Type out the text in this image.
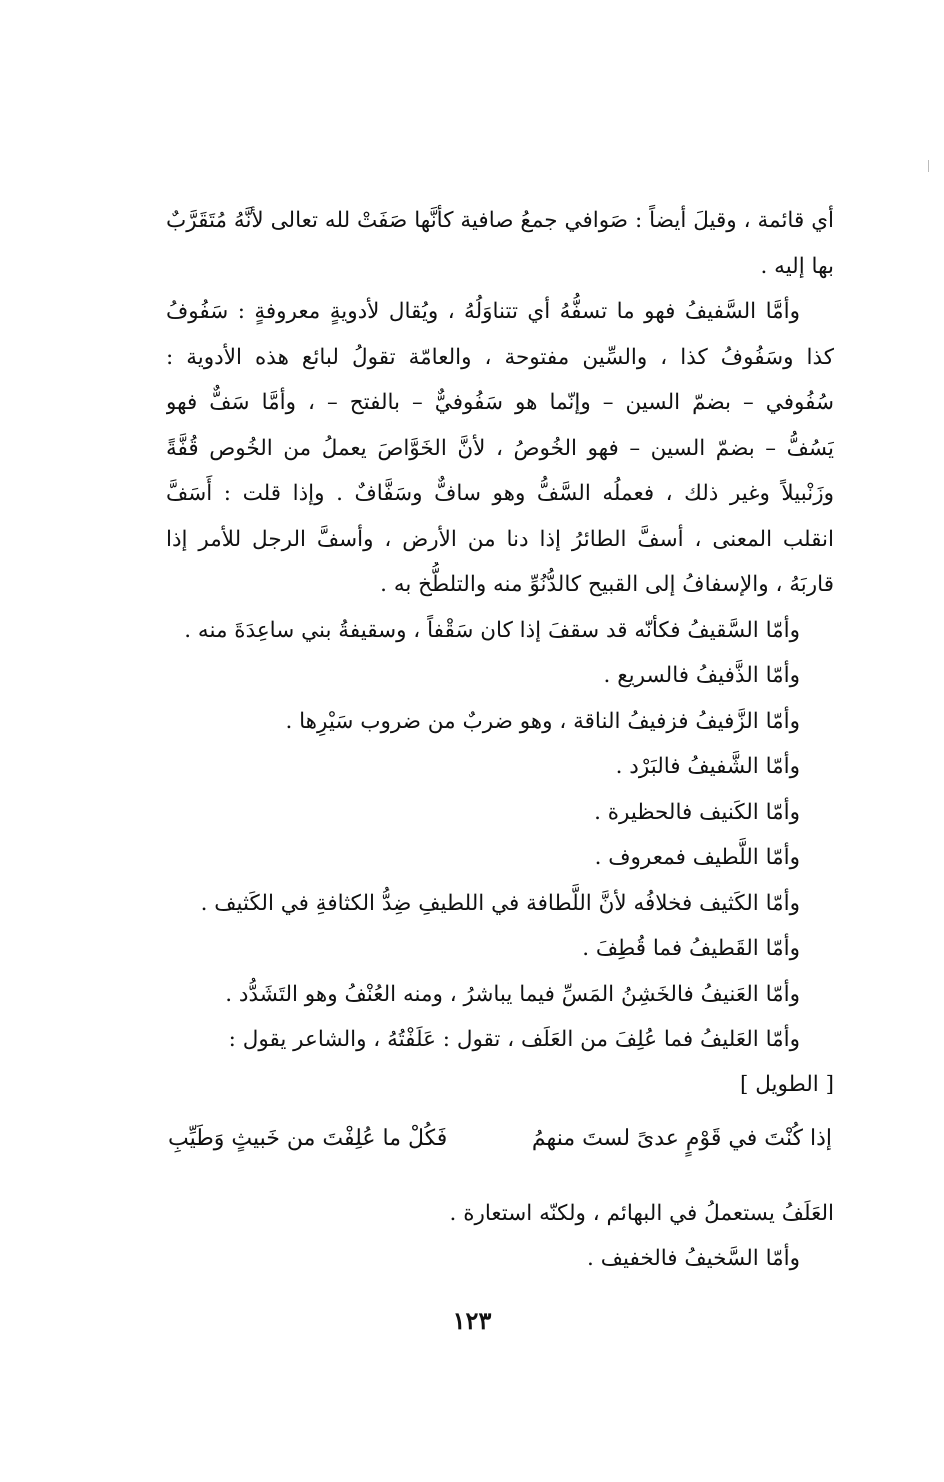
أي قائمة ، وقيلَ أيضاً : صَوافي جمعُ صافية كأنَّها صَفَتْ لله تعالى لأنَّهُ مُتَقَرَّبٌ
بها إليه .
وأمَّا السَّفيفُ فهو ما تسفُّهُ أي تتناوَلُهُ ، ويُقال لأدويةٍ معروفةٍ : سَفُوفُ
كذا وسَفُوفُ كذا ، والسِّين مفتوحة ، والعامّة تقولُ لبائع هذه الأدوية :
سُفُوفي – بضمّ السين – وإنّما هو سَفُوفيٌّ – بالفتح – ، وأمَّا سَفٌّ فهو
يَسُفُّ – بضمّ السين – فهو الخُوصُ ، لأنَّ الخَوَّاصَ يعملُ من الخُوص قُفَّةً
وزَنْبيلاً وغير ذلك ، فعملُه السَّفُّ وهو سافٌّ وسَفَّافٌ . وإذا قلت : أَسَفَّ
انقلب المعنى ، أسفَّ الطائرُ إذا دنا من الأرض ، وأسفَّ الرجل للأمر إذا
قاربَهُ ، والإسفافُ إلى القبيح كالدُّنُوِّ منه والتلطُّخ به .
وأمّا السَّقيفُ فكأنّه قد سقفَ إذا كان سَقْفاً ، وسقيفةُ بني ساعِدَةَ منه .
وأمّا الذَّفيفُ فالسريع .
وأمّا الزَّفيفُ فزفيفُ الناقة ، وهو ضربٌ من ضروب سَيْرِها .
وأمّا الشَّفيفُ فالبَرْد .
وأمّا الكَنيف فالحظيرة .
وأمّا اللَّطيف فمعروف .
وأمّا الكَثيف فخلافُه لأنَّ اللَّطافة في اللطيفِ ضِدُّ الكثافةِ في الكَثيف .
وأمّا القَطيفُ فما قُطِفَ .
وأمّا العَنيفُ فالخَشِنُ المَسِّ فيما يباشرُ ، ومنه العُنْفُ وهو التَشَدُّد .
وأمّا العَليفُ فما عُلِفَ من العَلَف ، تقول : عَلَفْتُهُ ، والشاعر يقول :
[ الطويل ]
إذا كُنْتَ في قَوْمٍ عدىً لستَ منهمُ
فَكُلْ ما عُلِفْتَ من خَبيثٍ وَطَيِّبِ
العَلَفُ يستعملُ في البهائم ، ولكنّه استعارة .
وأمّا السَّخيفُ فالخفيف .
١٢٣
